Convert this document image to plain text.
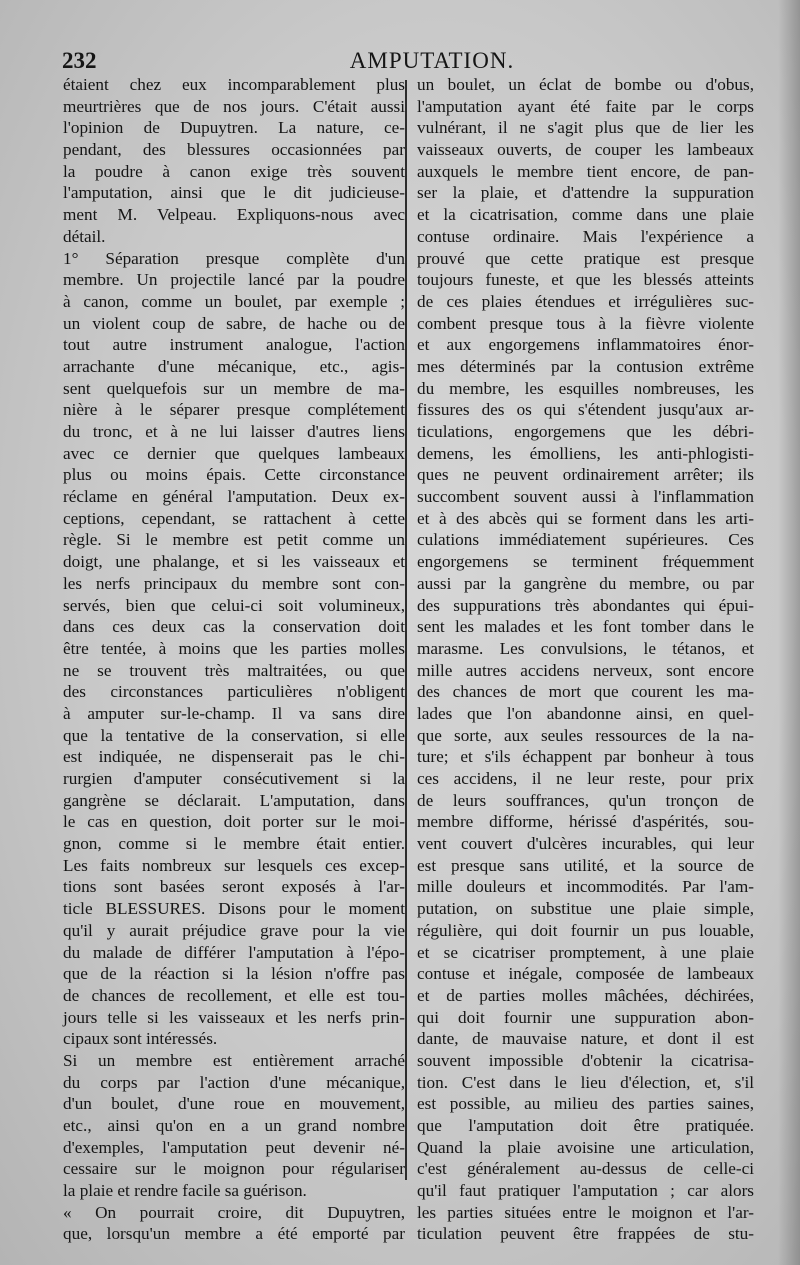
232	AMPUTATION.
étaient chez eux incomparablement plus
meurtrières que de nos jours. C'était aussi
l'opinion de Dupuytren. La nature, ce-
pendant, des blessures occasionnées par
la poudre à canon exige très souvent
l'amputation, ainsi que le dit judicieuse-
ment M. Velpeau. Expliquons-nous avec
détail.
1° Séparation presque complète d'un
membre. Un projectile lancé par la poudre
à canon, comme un boulet, par exemple ;
un violent coup de sabre, de hache ou de
tout autre instrument analogue, l'action
arrachante d'une mécanique, etc., agis-
sent quelquefois sur un membre de ma-
nière à le séparer presque complétement
du tronc, et à ne lui laisser d'autres liens
avec ce dernier que quelques lambeaux
plus ou moins épais. Cette circonstance
réclame en général l'amputation. Deux ex-
ceptions, cependant, se rattachent à cette
règle. Si le membre est petit comme un
doigt, une phalange, et si les vaisseaux et
les nerfs principaux du membre sont con-
servés, bien que celui-ci soit volumineux,
dans ces deux cas la conservation doit
être tentée, à moins que les parties molles
ne se trouvent très maltraitées, ou que
des circonstances particulières n'obligent
à amputer sur-le-champ. Il va sans dire
que la tentative de la conservation, si elle
est indiquée, ne dispenserait pas le chi-
rurgien d'amputer consécutivement si la
gangrène se déclarait. L'amputation, dans
le cas en question, doit porter sur le moi-
gnon, comme si le membre était entier.
Les faits nombreux sur lesquels ces excep-
tions sont basées seront exposés à l'ar-
ticle BLESSURES. Disons pour le moment
qu'il y aurait préjudice grave pour la vie
du malade de différer l'amputation à l'épo-
que de la réaction si la lésion n'offre pas
de chances de recollement, et elle est tou-
jours telle si les vaisseaux et les nerfs prin-
cipaux sont intéressés.
Si un membre est entièrement arraché
du corps par l'action d'une mécanique,
d'un boulet, d'une roue en mouvement,
etc., ainsi qu'on en a un grand nombre
d'exemples, l'amputation peut devenir né-
cessaire sur le moignon pour régulariser
la plaie et rendre facile sa guérison.
« On pourrait croire, dit Dupuytren,
que, lorsqu'un membre a été emporté par
un boulet, un éclat de bombe ou d'obus,
l'amputation ayant été faite par le corps
vulnérant, il ne s'agit plus que de lier les
vaisseaux ouverts, de couper les lambeaux
auxquels le membre tient encore, de pan-
ser la plaie, et d'attendre la suppuration
et la cicatrisation, comme dans une plaie
contuse ordinaire. Mais l'expérience a
prouvé que cette pratique est presque
toujours funeste, et que les blessés atteints
de ces plaies étendues et irrégulières suc-
combent presque tous à la fièvre violente
et aux engorgemens inflammatoires énor-
mes déterminés par la contusion extrême
du membre, les esquilles nombreuses, les
fissures des os qui s'étendent jusqu'aux ar-
ticulations, engorgemens que les débri-
demens, les émolliens, les anti-phlogisti-
ques ne peuvent ordinairement arrêter; ils
succombent souvent aussi à l'inflammation
et à des abcès qui se forment dans les arti-
culations immédiatement supérieures. Ces
engorgemens se terminent fréquemment
aussi par la gangrène du membre, ou par
des suppurations très abondantes qui épui-
sent les malades et les font tomber dans le
marasme. Les convulsions, le tétanos, et
mille autres accidens nerveux, sont encore
des chances de mort que courent les ma-
lades que l'on abandonne ainsi, en quel-
que sorte, aux seules ressources de la na-
ture; et s'ils échappent par bonheur à tous
ces accidens, il ne leur reste, pour prix
de leurs souffrances, qu'un tronçon de
membre difforme, hérissé d'aspérités, sou-
vent couvert d'ulcères incurables, qui leur
est presque sans utilité, et la source de
mille douleurs et incommodités. Par l'am-
putation, on substitue une plaie simple,
régulière, qui doit fournir un pus louable,
et se cicatriser promptement, à une plaie
contuse et inégale, composée de lambeaux
et de parties molles mâchées, déchirées,
qui doit fournir une suppuration abon-
dante, de mauvaise nature, et dont il est
souvent impossible d'obtenir la cicatrisa-
tion. C'est dans le lieu d'élection, et, s'il
est possible, au milieu des parties saines,
que l'amputation doit être pratiquée.
Quand la plaie avoisine une articulation,
c'est généralement au-dessus de celle-ci
qu'il faut pratiquer l'amputation ; car alors
les parties situées entre le moignon et l'ar-
ticulation peuvent être frappées de stu-
